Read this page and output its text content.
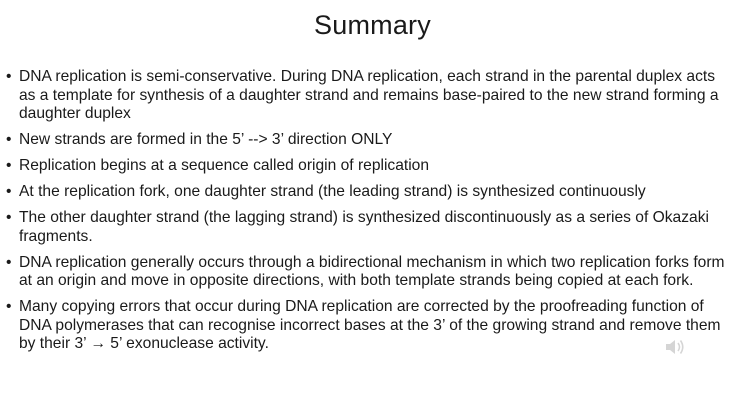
Summary
• DNA replication is semi-conservative. During DNA replication, each strand in the parental duplex acts as a template for synthesis of a daughter strand and remains base-paired to the new strand forming a daughter duplex
• New strands are formed in the 5’ --> 3’ direction ONLY
• Replication begins at a sequence called origin of replication
• At the replication fork, one daughter strand (the leading strand) is synthesized continuously
• The other daughter strand (the lagging strand) is synthesized discontinuously as a series of Okazaki fragments.
• DNA replication generally occurs through a bidirectional mechanism in which two replication forks form at an origin and move in opposite directions, with both template strands being copied at each fork.
• Many copying errors that occur during DNA replication are corrected by the proofreading function of DNA polymerases that can recognise incorrect bases at the 3’ of the growing strand and remove them by their 3’ → 5’ exonuclease activity.
